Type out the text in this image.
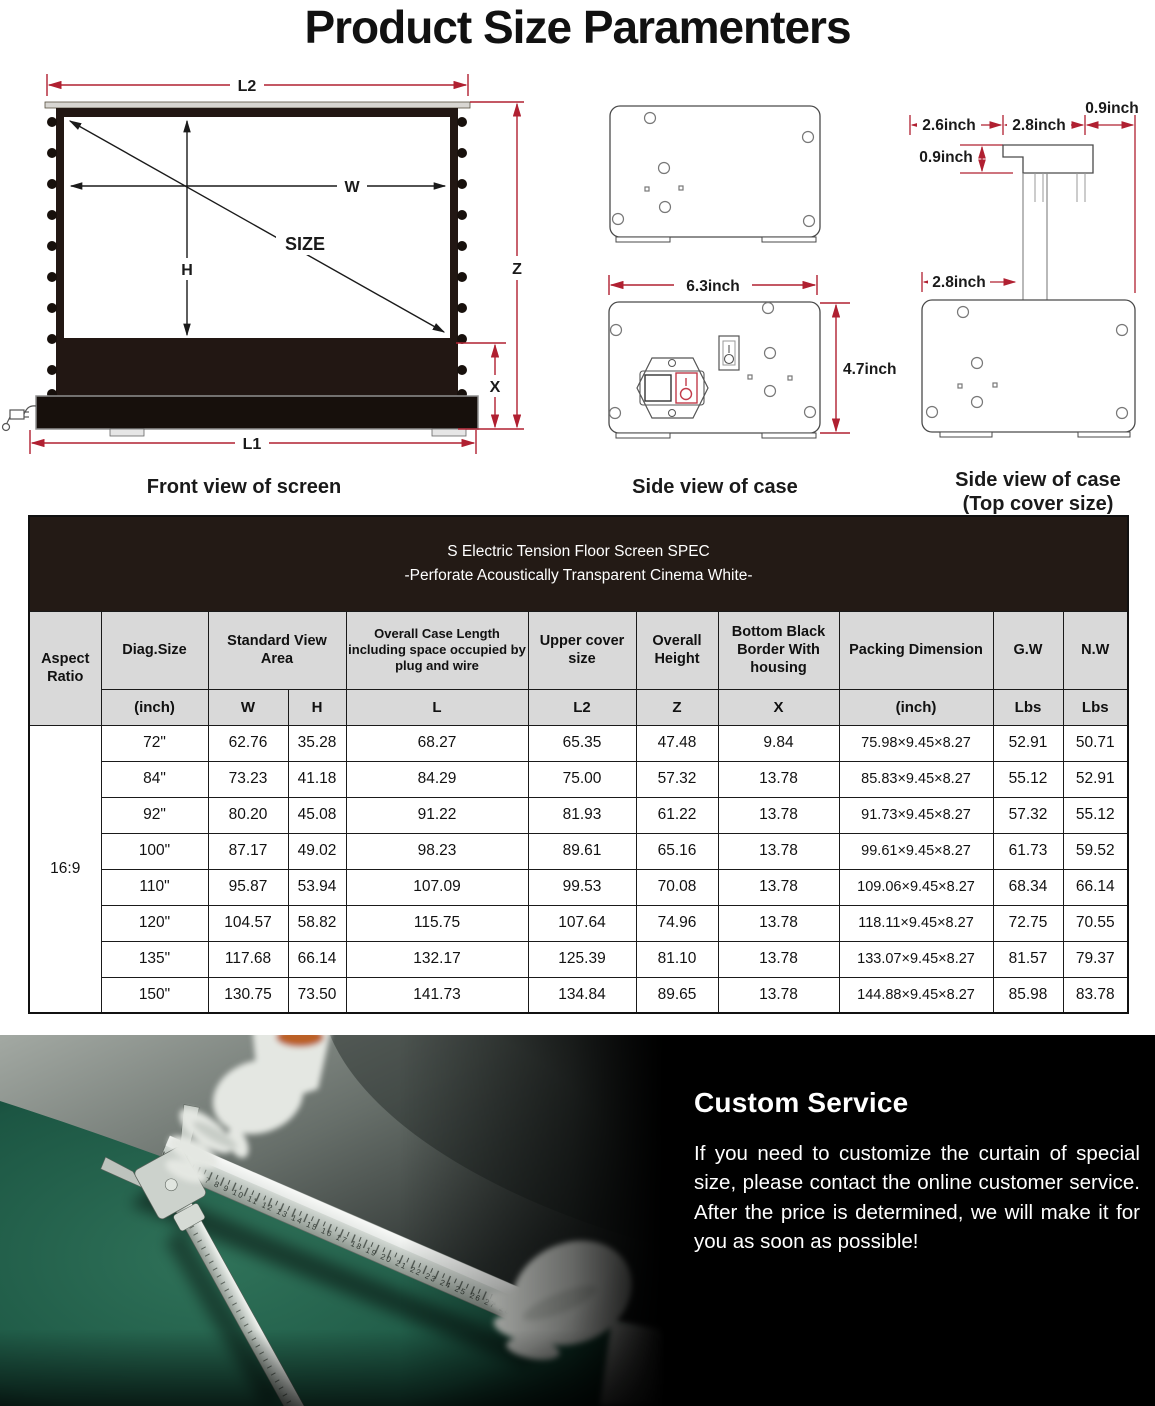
Product Size Paramenters
L2
SIZE
W
H	Z
X
L1
Front view of screen
6.3inch
4.7inch
Side view of case
0.9inch
2.6inch 2.8inch
0.9inch
2.8inch
Side view of case
(Top cover size)
S Electric Tension Floor Screen SPEC
-Perforate Acoustically Transparent Cinema White-										

Aspect Ratio	Diag.Size	Standard View Area		Overall Case Length including space occupied by plug and wire	Upper cover size	Overall Height	Bottom Black Border With housing	Packing Dimension	G.W	N.W
	(inch)	W	H	L	L2	Z	X	(inch)	Lbs	Lbs
16:9	72"	62.76	35.28	68.27	65.35	47.48	9.84	75.98×9.45×8.27	52.91	50.71
	84"	73.23	41.18	84.29	75.00	57.32	13.78	85.83×9.45×8.27	55.12	52.91
	92"	80.20	45.08	91.22	81.93	61.22	13.78	91.73×9.45×8.27	57.32	55.12
	100"	87.17	49.02	98.23	89.61	65.16	13.78	99.61×9.45×8.27	61.73	59.52
	110"	95.87	53.94	107.09	99.53	70.08	13.78	109.06×9.45×8.27	68.34	66.14
	120"	104.57	58.82	115.75	107.64	74.96	13.78	118.11×9.45×8.27	72.75	70.55
	135"	117.68	66.14	132.17	125.39	81.10	13.78	133.07×9.45×8.27	81.57	79.37
	150"	130.75	73.50	141.73	134.84	89.65	13.78	144.88×9.45×8.27	85.98	83.78
Custom Service

If you need to customize the curtain of special size, please contact the online customer service. After the price is determined, we will make it for you as soon as possible!
